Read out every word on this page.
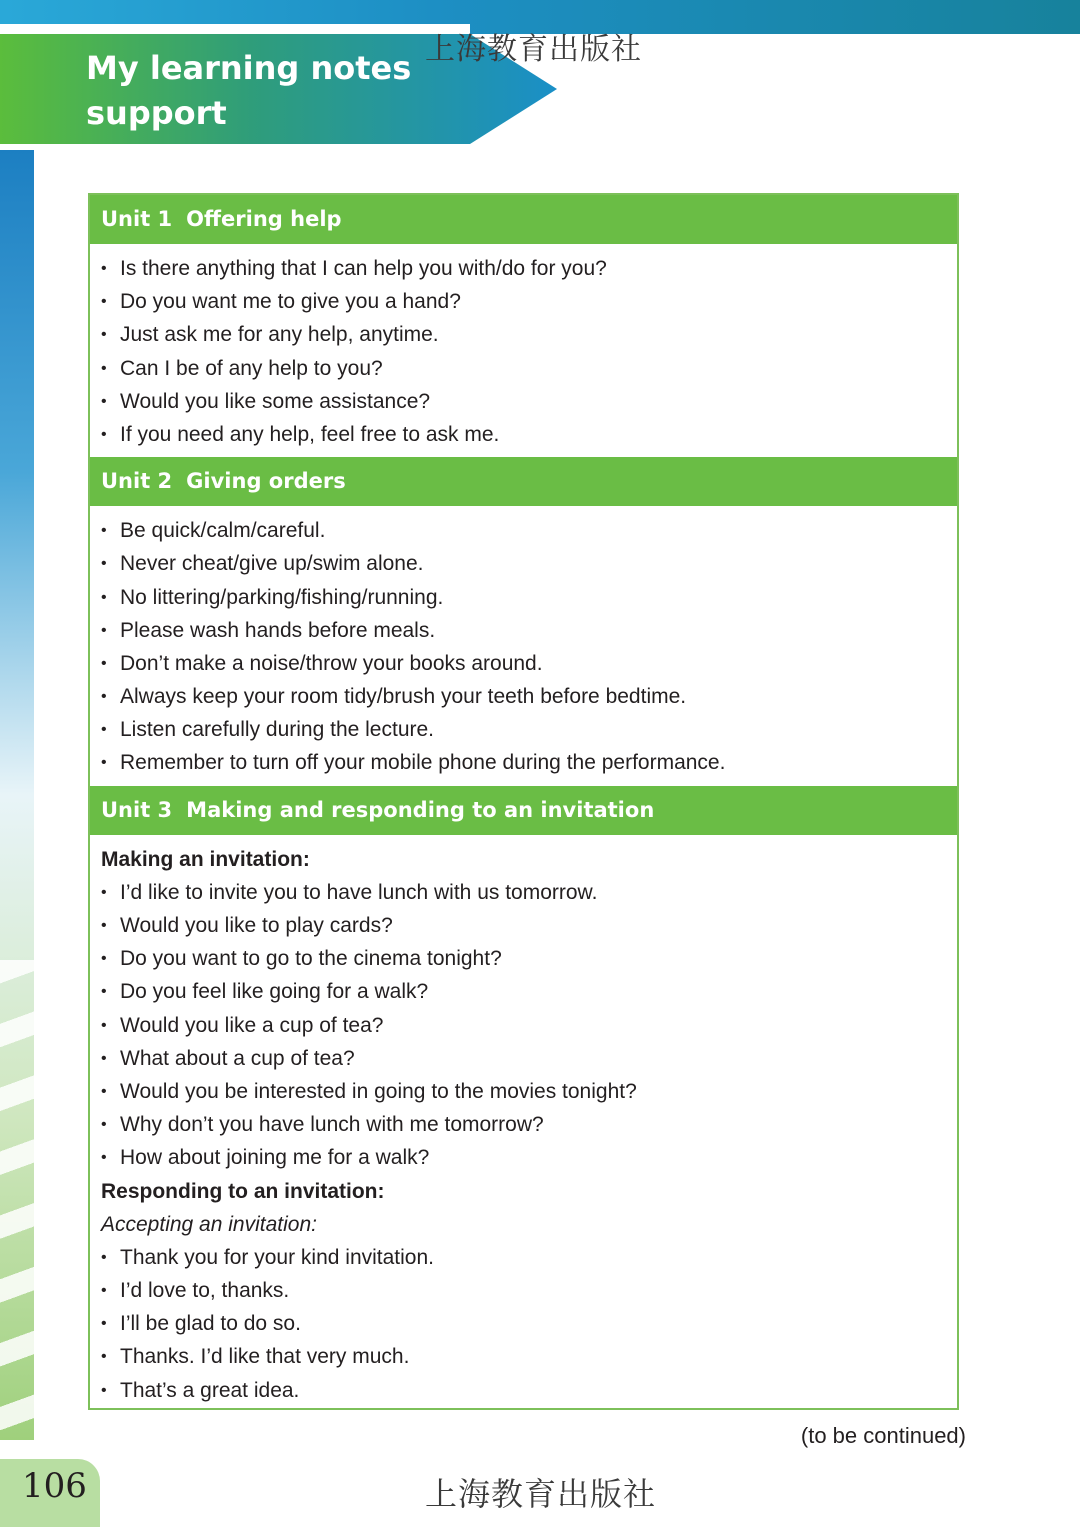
My learning notes
support
上海教育出版社
Unit 1 Offering help
• Is there anything that I can help you with/do for you?
• Do you want me to give you a hand?
• Just ask me for any help, anytime.
• Can I be of any help to you?
• Would you like some assistance?
• If you need any help, feel free to ask me.
Unit 2 Giving orders
• Be quick/calm/careful.
• Never cheat/give up/swim alone.
• No littering/parking/fishing/running.
• Please wash hands before meals.
• Don’t make a noise/throw your books around.
• Always keep your room tidy/brush your teeth before bedtime.
• Listen carefully during the lecture.
• Remember to turn off your mobile phone during the performance.
Unit 3 Making and responding to an invitation
Making an invitation:
• I’d like to invite you to have lunch with us tomorrow.
• Would you like to play cards?
• Do you want to go to the cinema tonight?
• Do you feel like going for a walk?
• Would you like a cup of tea?
• What about a cup of tea?
• Would you be interested in going to the movies tonight?
• Why don’t you have lunch with me tomorrow?
• How about joining me for a walk?
Responding to an invitation:
Accepting an invitation:
• Thank you for your kind invitation.
• I’d love to, thanks.
• I’ll be glad to do so.
• Thanks. I’d like that very much.
• That’s a great idea.
(to be continued)
106	上海教育出版社
